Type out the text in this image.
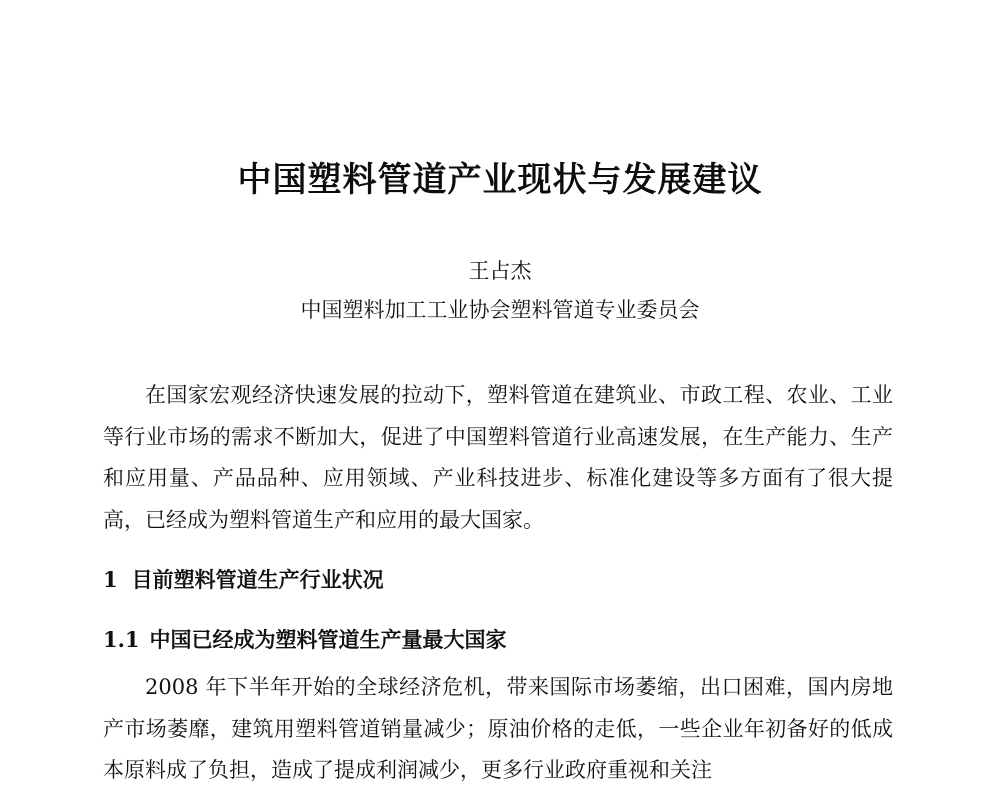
中国塑料管道产业现状与发展建议

王占杰

中国塑料加工工业协会塑料管道专业委员会

在国家宏观经济快速发展的拉动下，塑料管道在建筑业、市政工程、农业、工业等行业市场的需求不断加大，促进了中国塑料管道行业高速发展，在生产能力、生产和应用量、产品品种、应用领域、产业科技进步、标准化建设等多方面有了很大提高，已经成为塑料管道生产和应用的最大国家。

1 目前塑料管道生产行业状况
1.1 中国已经成为塑料管道生产量最大国家

2008 年下半年开始的全球经济危机，带来国际市场萎缩，出口困难，国内房地产市场萎靡，建筑用塑料管道销量减少；原油价格的走低，一些企业年初备好的低成本原料成了负担，造成了提成利润减少，更多行业政府重视和关注
